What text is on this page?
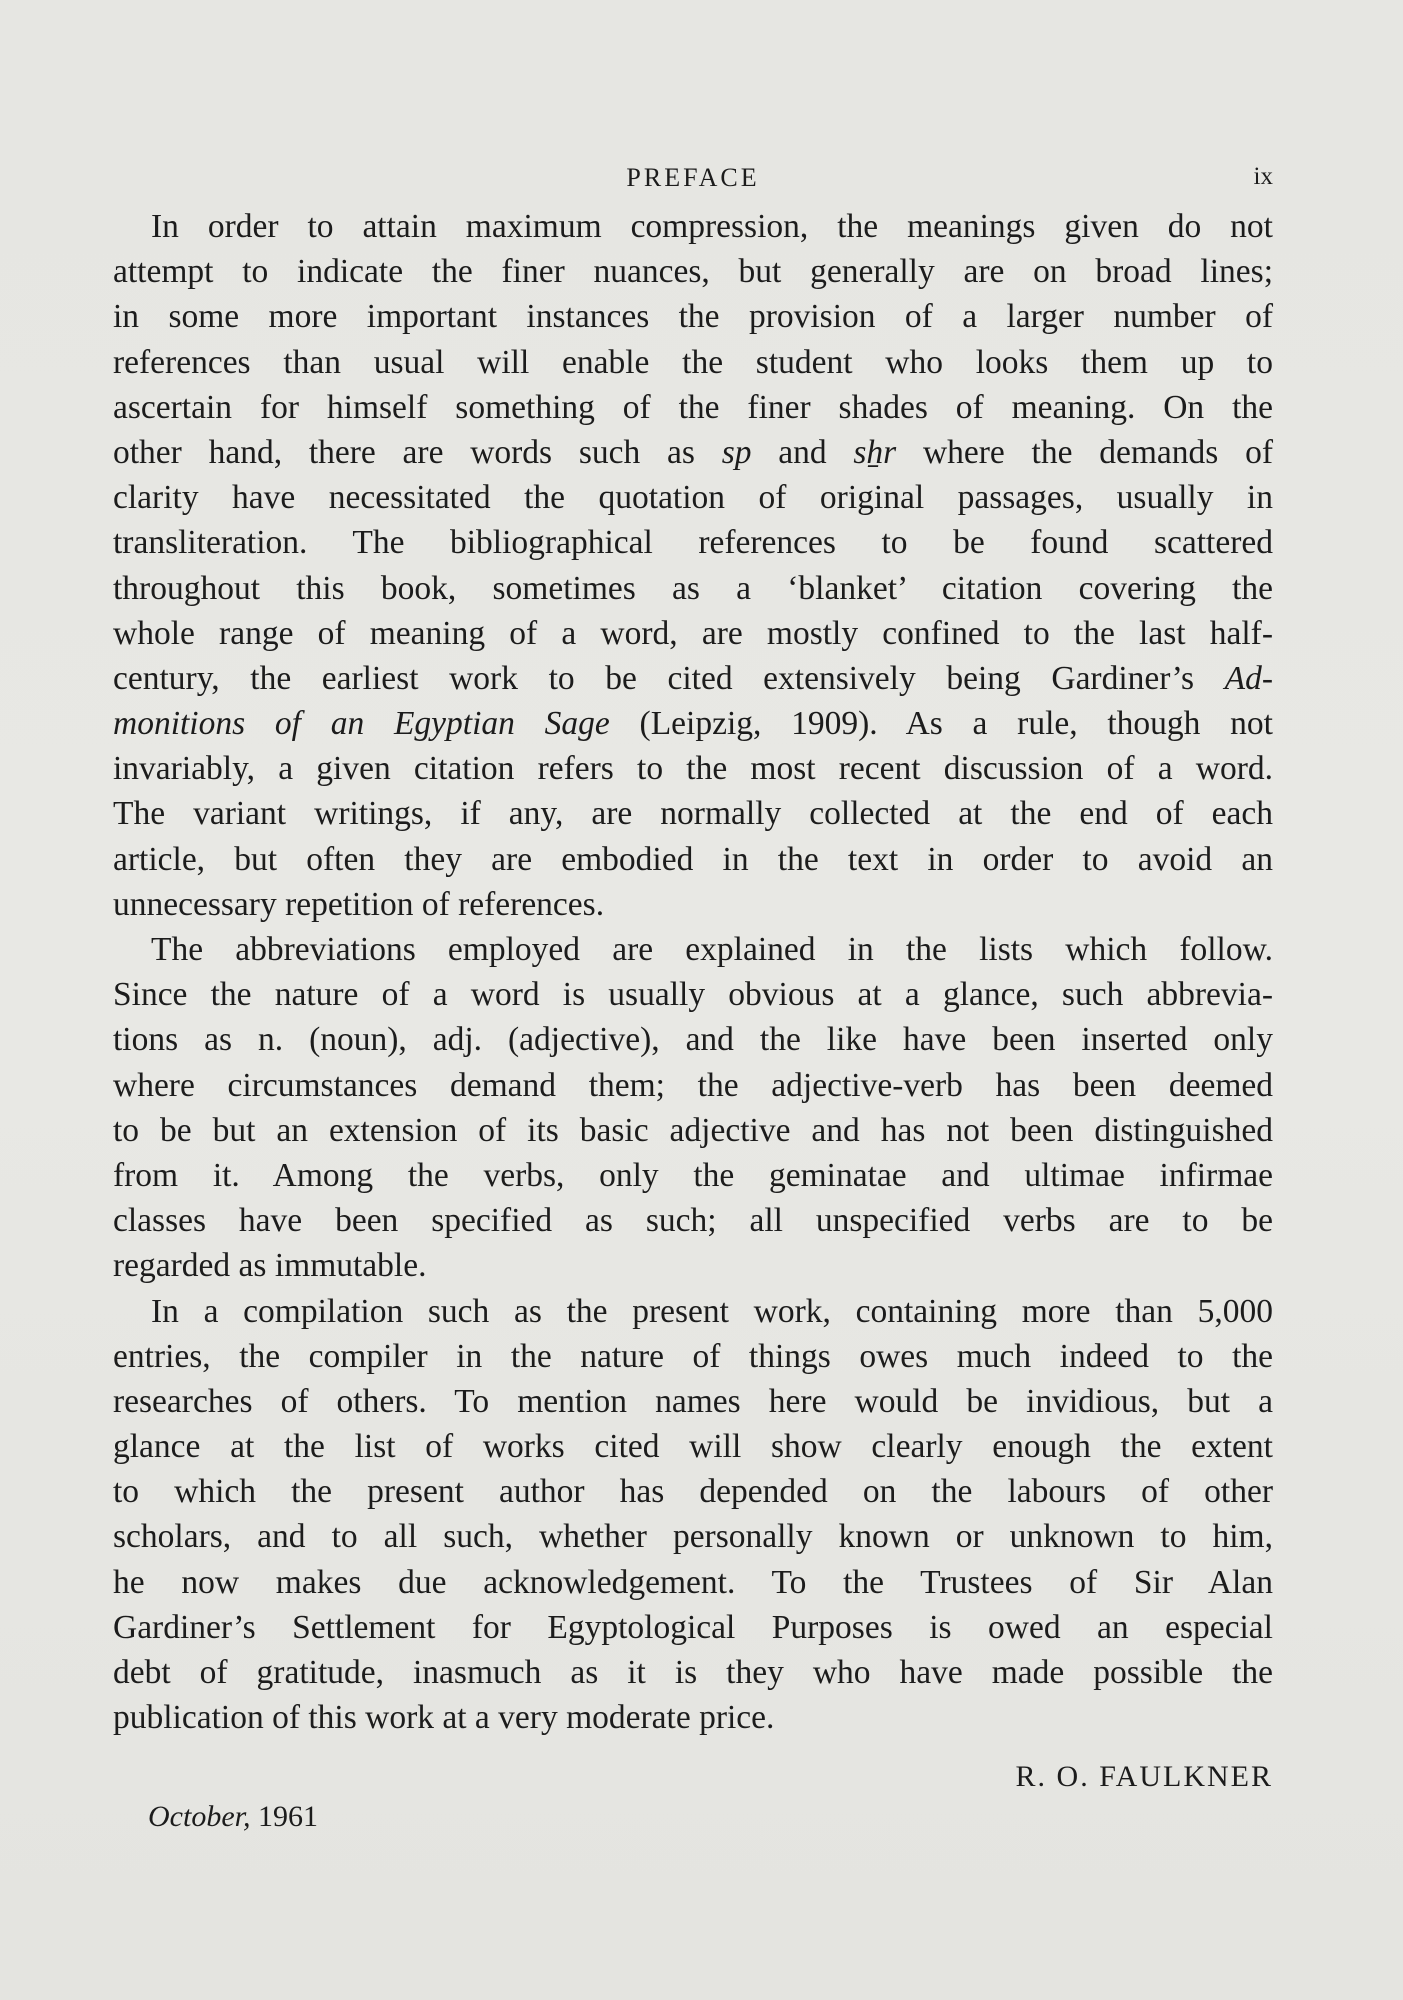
PREFACE	ix
In order to attain maximum compression, the meanings given do not
attempt to indicate the finer nuances, but generally are on broad lines;
in some more important instances the provision of a larger number of
references than usual will enable the student who looks them up to
ascertain for himself something of the finer shades of meaning. On the
other hand, there are words such as sp and sẖr where the demands of
clarity have necessitated the quotation of original passages, usually in
transliteration. The bibliographical references to be found scattered
throughout this book, sometimes as a ‘blanket’ citation covering the
whole range of meaning of a word, are mostly confined to the last half-
century, the earliest work to be cited extensively being Gardiner’s Ad-
monitions of an Egyptian Sage (Leipzig, 1909). As a rule, though not
invariably, a given citation refers to the most recent discussion of a word.
The variant writings, if any, are normally collected at the end of each
article, but often they are embodied in the text in order to avoid an
unnecessary repetition of references.
The abbreviations employed are explained in the lists which follow.
Since the nature of a word is usually obvious at a glance, such abbrevia-
tions as n. (noun), adj. (adjective), and the like have been inserted only
where circumstances demand them; the adjective-verb has been deemed
to be but an extension of its basic adjective and has not been distinguished
from it. Among the verbs, only the geminatae and ultimae infirmae
classes have been specified as such; all unspecified verbs are to be
regarded as immutable.
In a compilation such as the present work, containing more than 5,000
entries, the compiler in the nature of things owes much indeed to the
researches of others. To mention names here would be invidious, but a
glance at the list of works cited will show clearly enough the extent
to which the present author has depended on the labours of other
scholars, and to all such, whether personally known or unknown to him,
he now makes due acknowledgement. To the Trustees of Sir Alan
Gardiner’s Settlement for Egyptological Purposes is owed an especial
debt of gratitude, inasmuch as it is they who have made possible the
publication of this work at a very moderate price.
R. O. FAULKNER
October, 1961
